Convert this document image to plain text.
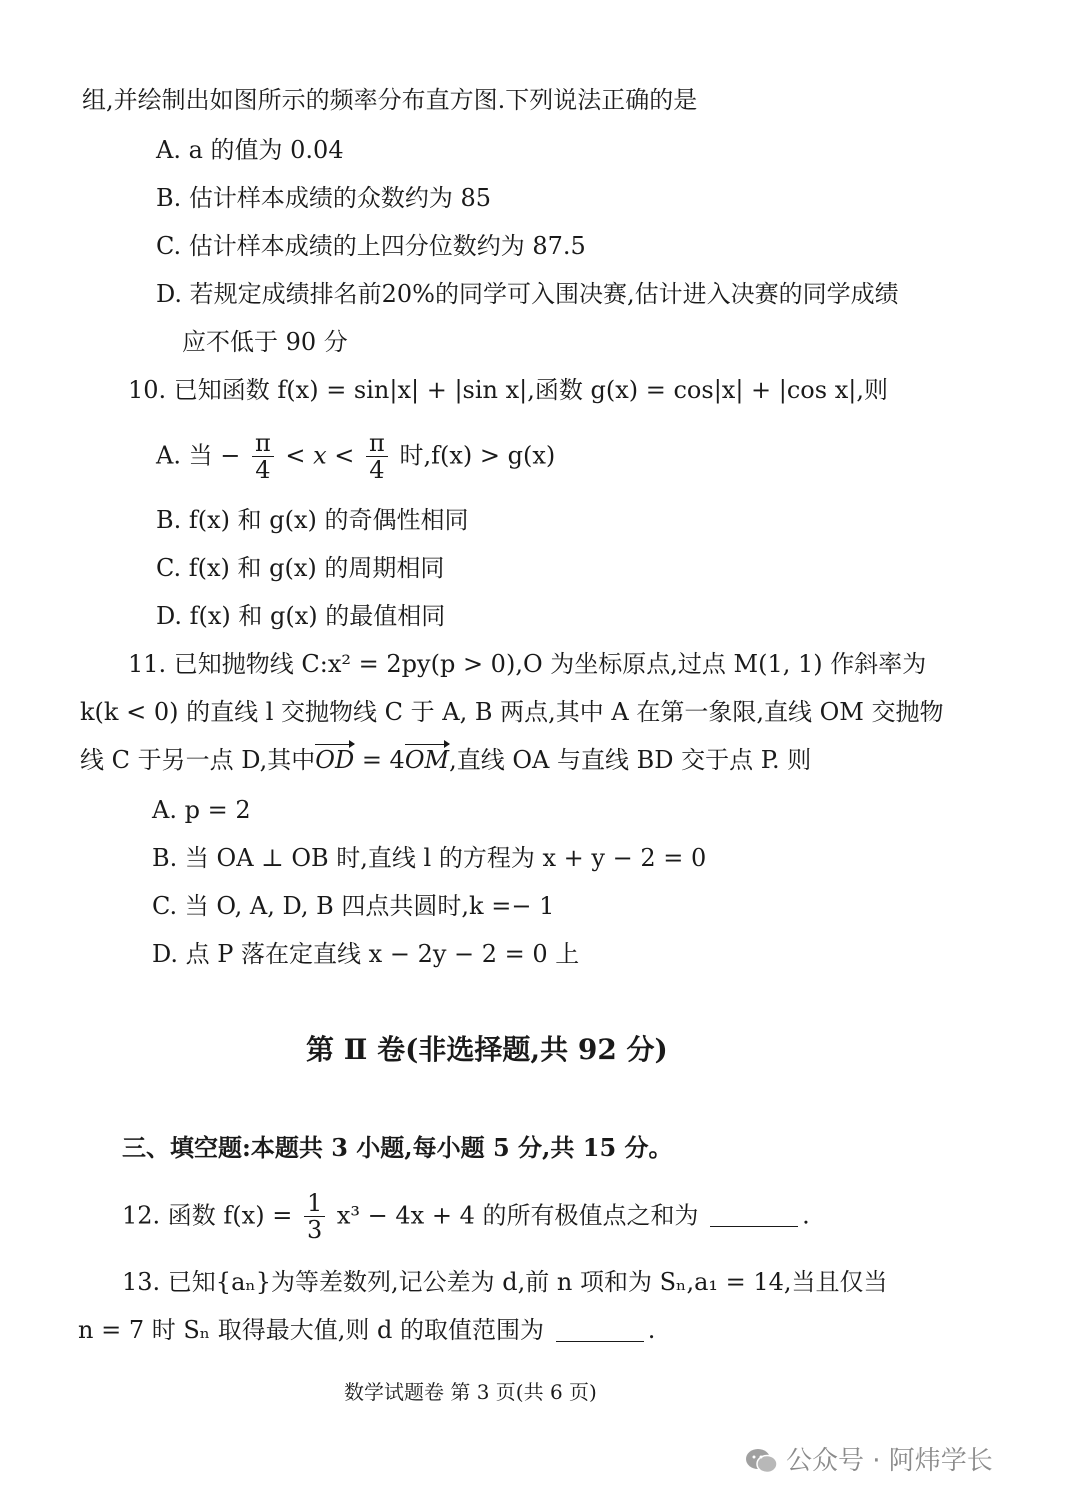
组,并绘制出如图所示的频率分布直方图.下列说法正确的是
A. a 的值为 0.04
B. 估计样本成绩的众数约为 85
C. 估计样本成绩的上四分位数约为 87.5
D. 若规定成绩排名前20%的同学可入围决赛,估计进入决赛的同学成绩
应不低于 90 分
10. 已知函数 f(x) = sin|x| + |sin x|,函数 g(x) = cos|x| + |cos x|,则
A. 当 − $\frac{\pi}{4} < x < \frac{\pi}{4}$ 时,f(x) > g(x)
B. f(x) 和 g(x) 的奇偶性相同
C. f(x) 和 g(x) 的周期相同
D. f(x) 和 g(x) 的最值相同
11. 已知抛物线 C:x² = 2py(p > 0),O 为坐标原点,过点 M(1, 1) 作斜率为
k(k < 0) 的直线 l 交抛物线 C 于 A, B 两点,其中 A 在第一象限,直线 OM 交抛物
线 C 于另一点 D,其中OD = 4OM,直线 OA 与直线 BD 交于点 P. 则
A. p = 2
B. 当 OA ⊥ OB 时,直线 l 的方程为 x + y − 2 = 0
C. 当 O, A, D, B 四点共圆时,k =− 1
D. 点 P 落在定直线 x − 2y − 2 = 0 上
第 Ⅱ 卷(非选择题,共 92 分)
三、填空题:本题共 3 小题,每小题 5 分,共 15 分。
12. 函数 $f(x) = \frac{1}{3} x^3 - 4x + 4$ 的所有极值点之和为	.
13. 已知{aₙ}为等差数列,记公差为 d,前 n 项和为 Sₙ,a₁ = 14,当且仅当
n = 7 时 Sₙ 取得最大值,则 d 的取值范围为	.
数学试题卷 第 3 页(共 6 页)
公众号 · 阿炜学长
